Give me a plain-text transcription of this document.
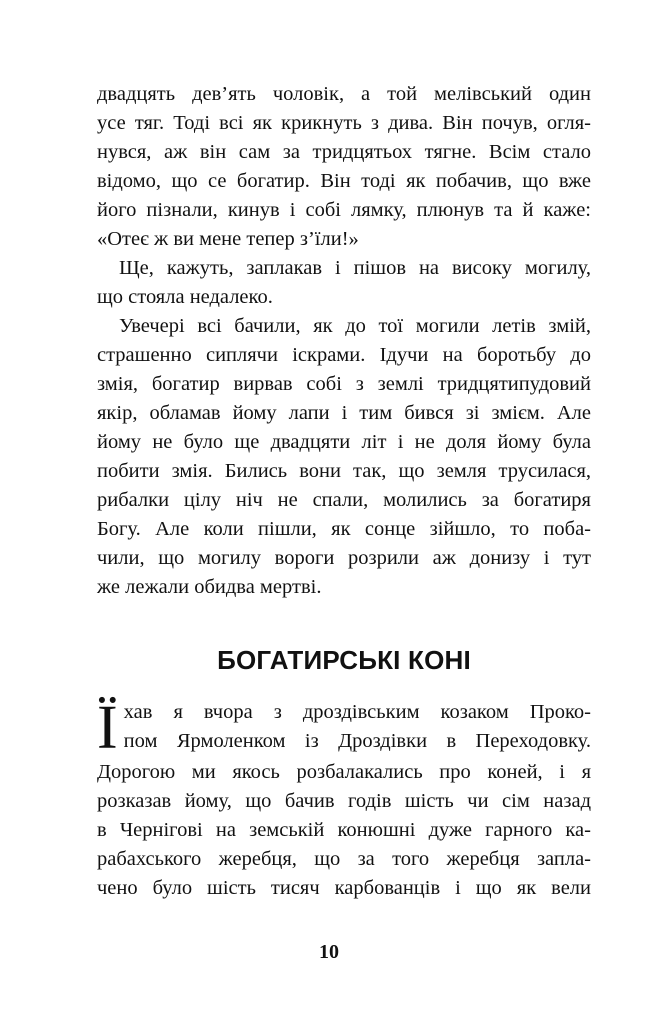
двадцять дев’ять чоловік, а той мелівський один
усе тяг. Тоді всі як крикнуть з дива. Він почув, огля-
нувся, аж він сам за тридцятьох тягне. Всім стало
відомо, що се богатир. Він тоді як побачив, що вже
його пізнали, кинув і собі лямку, плюнув та й каже:
«Отеє ж ви мене тепер з’їли!»
Ще, кажуть, заплакав і пішов на високу могилу,
що стояла недалеко.
Увечері всі бачили, як до тої могили летів змій,
страшенно сиплячи іскрами. Ідучи на боротьбу до
змія, богатир вирвав собі з землі тридцятипудовий
якір, обламав йому лапи і тим бився зі змієм. Але
йому не було ще двадцяти літ і не доля йому була
побити змія. Бились вони так, що земля трусилася,
рибалки цілу ніч не спали, молились за богатиря
Богу. Але коли пішли, як сонце зійшло, то поба-
чили, що могилу вороги розрили аж донизу і тут
же лежали обидва мертві.
БОГАТИРСЬКІ КОНІ
Ї хав я вчора з дроздівським козаком Проко-
пом Ярмоленком із Дроздівки в Переходовку.
Дорогою ми якось розбалакались про коней, і я
розказав йому, що бачив годів шість чи сім назад
в Чернігові на земській конюшні дуже гарного ка-
рабахського жеребця, що за того жеребця запла-
чено було шість тисяч карбованців і що як вели
10
